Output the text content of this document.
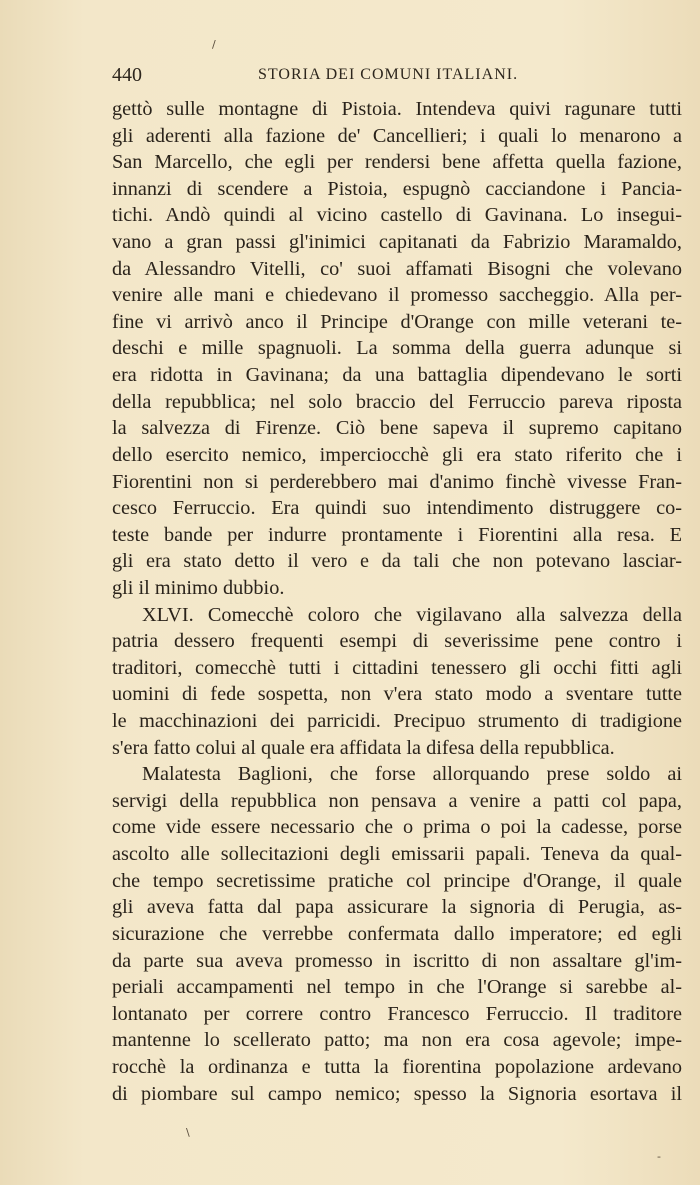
/
440	STORIA DEI COMUNI ITALIANI.
gettò sulle montagne di Pistoia. Intendeva quivi ragunare tutti
gli aderenti alla fazione de' Cancellieri; i quali lo menarono a
San Marcello, che egli per rendersi bene affetta quella fazione,
innanzi di scendere a Pistoia, espugnò cacciandone i Pancia-
tichi. Andò quindi al vicino castello di Gavinana. Lo insegui-
vano a gran passi gl'inimici capitanati da Fabrizio Maramaldo,
da Alessandro Vitelli, co' suoi affamati Bisogni che volevano
venire alle mani e chiedevano il promesso saccheggio. Alla per-
fine vi arrivò anco il Principe d'Orange con mille veterani te-
deschi e mille spagnuoli. La somma della guerra adunque si
era ridotta in Gavinana; da una battaglia dipendevano le sorti
della repubblica; nel solo braccio del Ferruccio pareva riposta
la salvezza di Firenze. Ciò bene sapeva il supremo capitano
dello esercito nemico, imperciocchè gli era stato riferito che i
Fiorentini non si perderebbero mai d'animo finchè vivesse Fran-
cesco Ferruccio. Era quindi suo intendimento distruggere co-
teste bande per indurre prontamente i Fiorentini alla resa. E
gli era stato detto il vero e da tali che non potevano lasciar-
gli il minimo dubbio.
XLVI. Comecchè coloro che vigilavano alla salvezza della
patria dessero frequenti esempi di severissime pene contro i
traditori, comecchè tutti i cittadini tenessero gli occhi fitti agli
uomini di fede sospetta, non v'era stato modo a sventare tutte
le macchinazioni dei parricidi. Precipuo strumento di tradigione
s'era fatto colui al quale era affidata la difesa della repubblica.
Malatesta Baglioni, che forse allorquando prese soldo ai
servigi della repubblica non pensava a venire a patti col papa,
come vide essere necessario che o prima o poi la cadesse, porse
ascolto alle sollecitazioni degli emissarii papali. Teneva da qual-
che tempo secretissime pratiche col principe d'Orange, il quale
gli aveva fatta dal papa assicurare la signoria di Perugia, as-
sicurazione che verrebbe confermata dallo imperatore; ed egli
da parte sua aveva promesso in iscritto di non assaltare gl'im-
periali accampamenti nel tempo in che l'Orange si sarebbe al-
lontanato per correre contro Francesco Ferruccio. Il traditore
mantenne lo scellerato patto; ma non era cosa agevole; impe-
rocchè la ordinanza e tutta la fiorentina popolazione ardevano
di piombare sul campo nemico; spesso la Signoria esortava il
\
-
